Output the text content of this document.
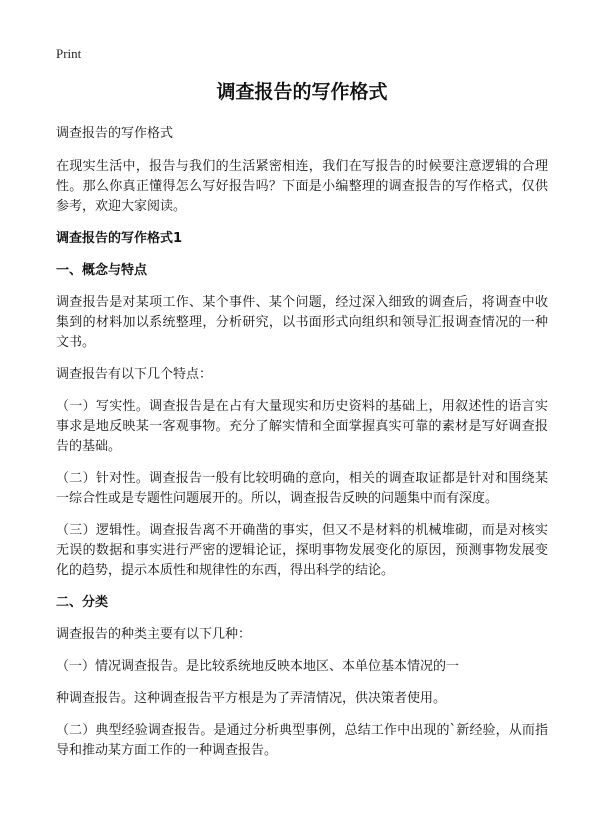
Print
调查报告的写作格式

调查报告的写作格式

在现实生活中，报告与我们的生活紧密相连，我们在写报告的时候要注意逻辑的合理性。那么你真正懂得怎么写好报告吗？下面是小编整理的调查报告的写作格式，仅供参考，欢迎大家阅读。

调查报告的写作格式1

一、概念与特点

调查报告是对某项工作、某个事件、某个问题，经过深入细致的调查后，将调查中收集到的材料加以系统整理，分析研究，以书面形式向组织和领导汇报调查情况的一种文书。

调查报告有以下几个特点：

（一）写实性。调查报告是在占有大量现实和历史资料的基础上，用叙述性的语言实事求是地反映某一客观事物。充分了解实情和全面掌握真实可靠的素材是写好调查报告的基础。

（二）针对性。调查报告一般有比较明确的意向，相关的调查取证都是针对和围绕某一综合性或是专题性问题展开的。所以，调查报告反映的问题集中而有深度。

（三）逻辑性。调查报告离不开确凿的事实，但又不是材料的机械堆砌，而是对核实无误的数据和事实进行严密的逻辑论证，探明事物发展变化的原因，预测事物发展变化的趋势，提示本质性和规律性的东西，得出科学的结论。

二、分类

调查报告的种类主要有以下几种：

（一）情况调查报告。是比较系统地反映本地区、本单位基本情况的一

种调查报告。这种调查报告平方根是为了弄清情况，供决策者使用。

（二）典型经验调查报告。是通过分析典型事例，总结工作中出现的`新经验，从而指导和推动某方面工作的一种调查报告。
